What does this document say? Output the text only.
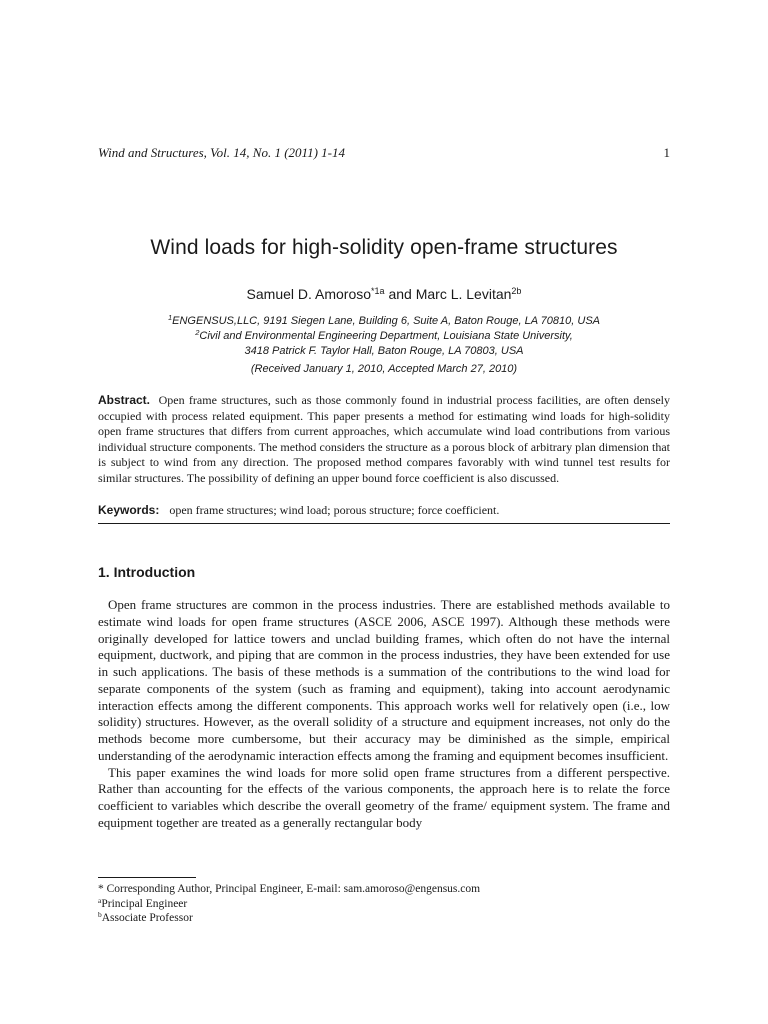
Wind and Structures, Vol. 14, No. 1 (2011) 1-14	1
Wind loads for high-solidity open-frame structures
Samuel D. Amoroso$^{*1a}$ and Marc L. Levitan$^{2b}$
$^1$ENGENSUS,LLC, 9191 Siegen Lane, Building 6, Suite A, Baton Rouge, LA 70810, USA
$^2$Civil and Environmental Engineering Department, Louisiana State University,
3418 Patrick F. Taylor Hall, Baton Rouge, LA 70803, USA
(Received January 1, 2010, Accepted March 27, 2010)

Abstract. Open frame structures, such as those commonly found in industrial process facilities, are often densely occupied with process related equipment. This paper presents a method for estimating wind loads for high-solidity open frame structures that differs from current approaches, which accumulate wind load contributions from various individual structure components. The method considers the structure as a porous block of arbitrary plan dimension that is subject to wind from any direction. The proposed method compares favorably with wind tunnel test results for similar structures. The possibility of defining an upper bound force coefficient is also discussed.

Keywords: open frame structures; wind load; porous structure; force coefficient.
1. Introduction

Open frame structures are common in the process industries. There are established methods available to estimate wind loads for open frame structures (ASCE 2006, ASCE 1997). Although these methods were originally developed for lattice towers and unclad building frames, which often do not have the internal equipment, ductwork, and piping that are common in the process industries, they have been extended for use in such applications. The basis of these methods is a summation of the contributions to the wind load for separate components of the system (such as framing and equipment), taking into account aerodynamic interaction effects among the different components. This approach works well for relatively open (i.e., low solidity) structures. However, as the overall solidity of a structure and equipment increases, not only do the methods become more cumbersome, but their accuracy may be diminished as the simple, empirical understanding of the aerodynamic interaction effects among the framing and equipment becomes insufficient.

This paper examines the wind loads for more solid open frame structures from a different perspective. Rather than accounting for the effects of the various components, the approach here is to relate the force coefficient to variables which describe the overall geometry of the frame/ equipment system. The frame and equipment together are treated as a generally rectangular body

* Corresponding Author, Principal Engineer, E-mail: sam.amoroso@engensus.com
$^a$Principal Engineer
$^b$Associate Professor
